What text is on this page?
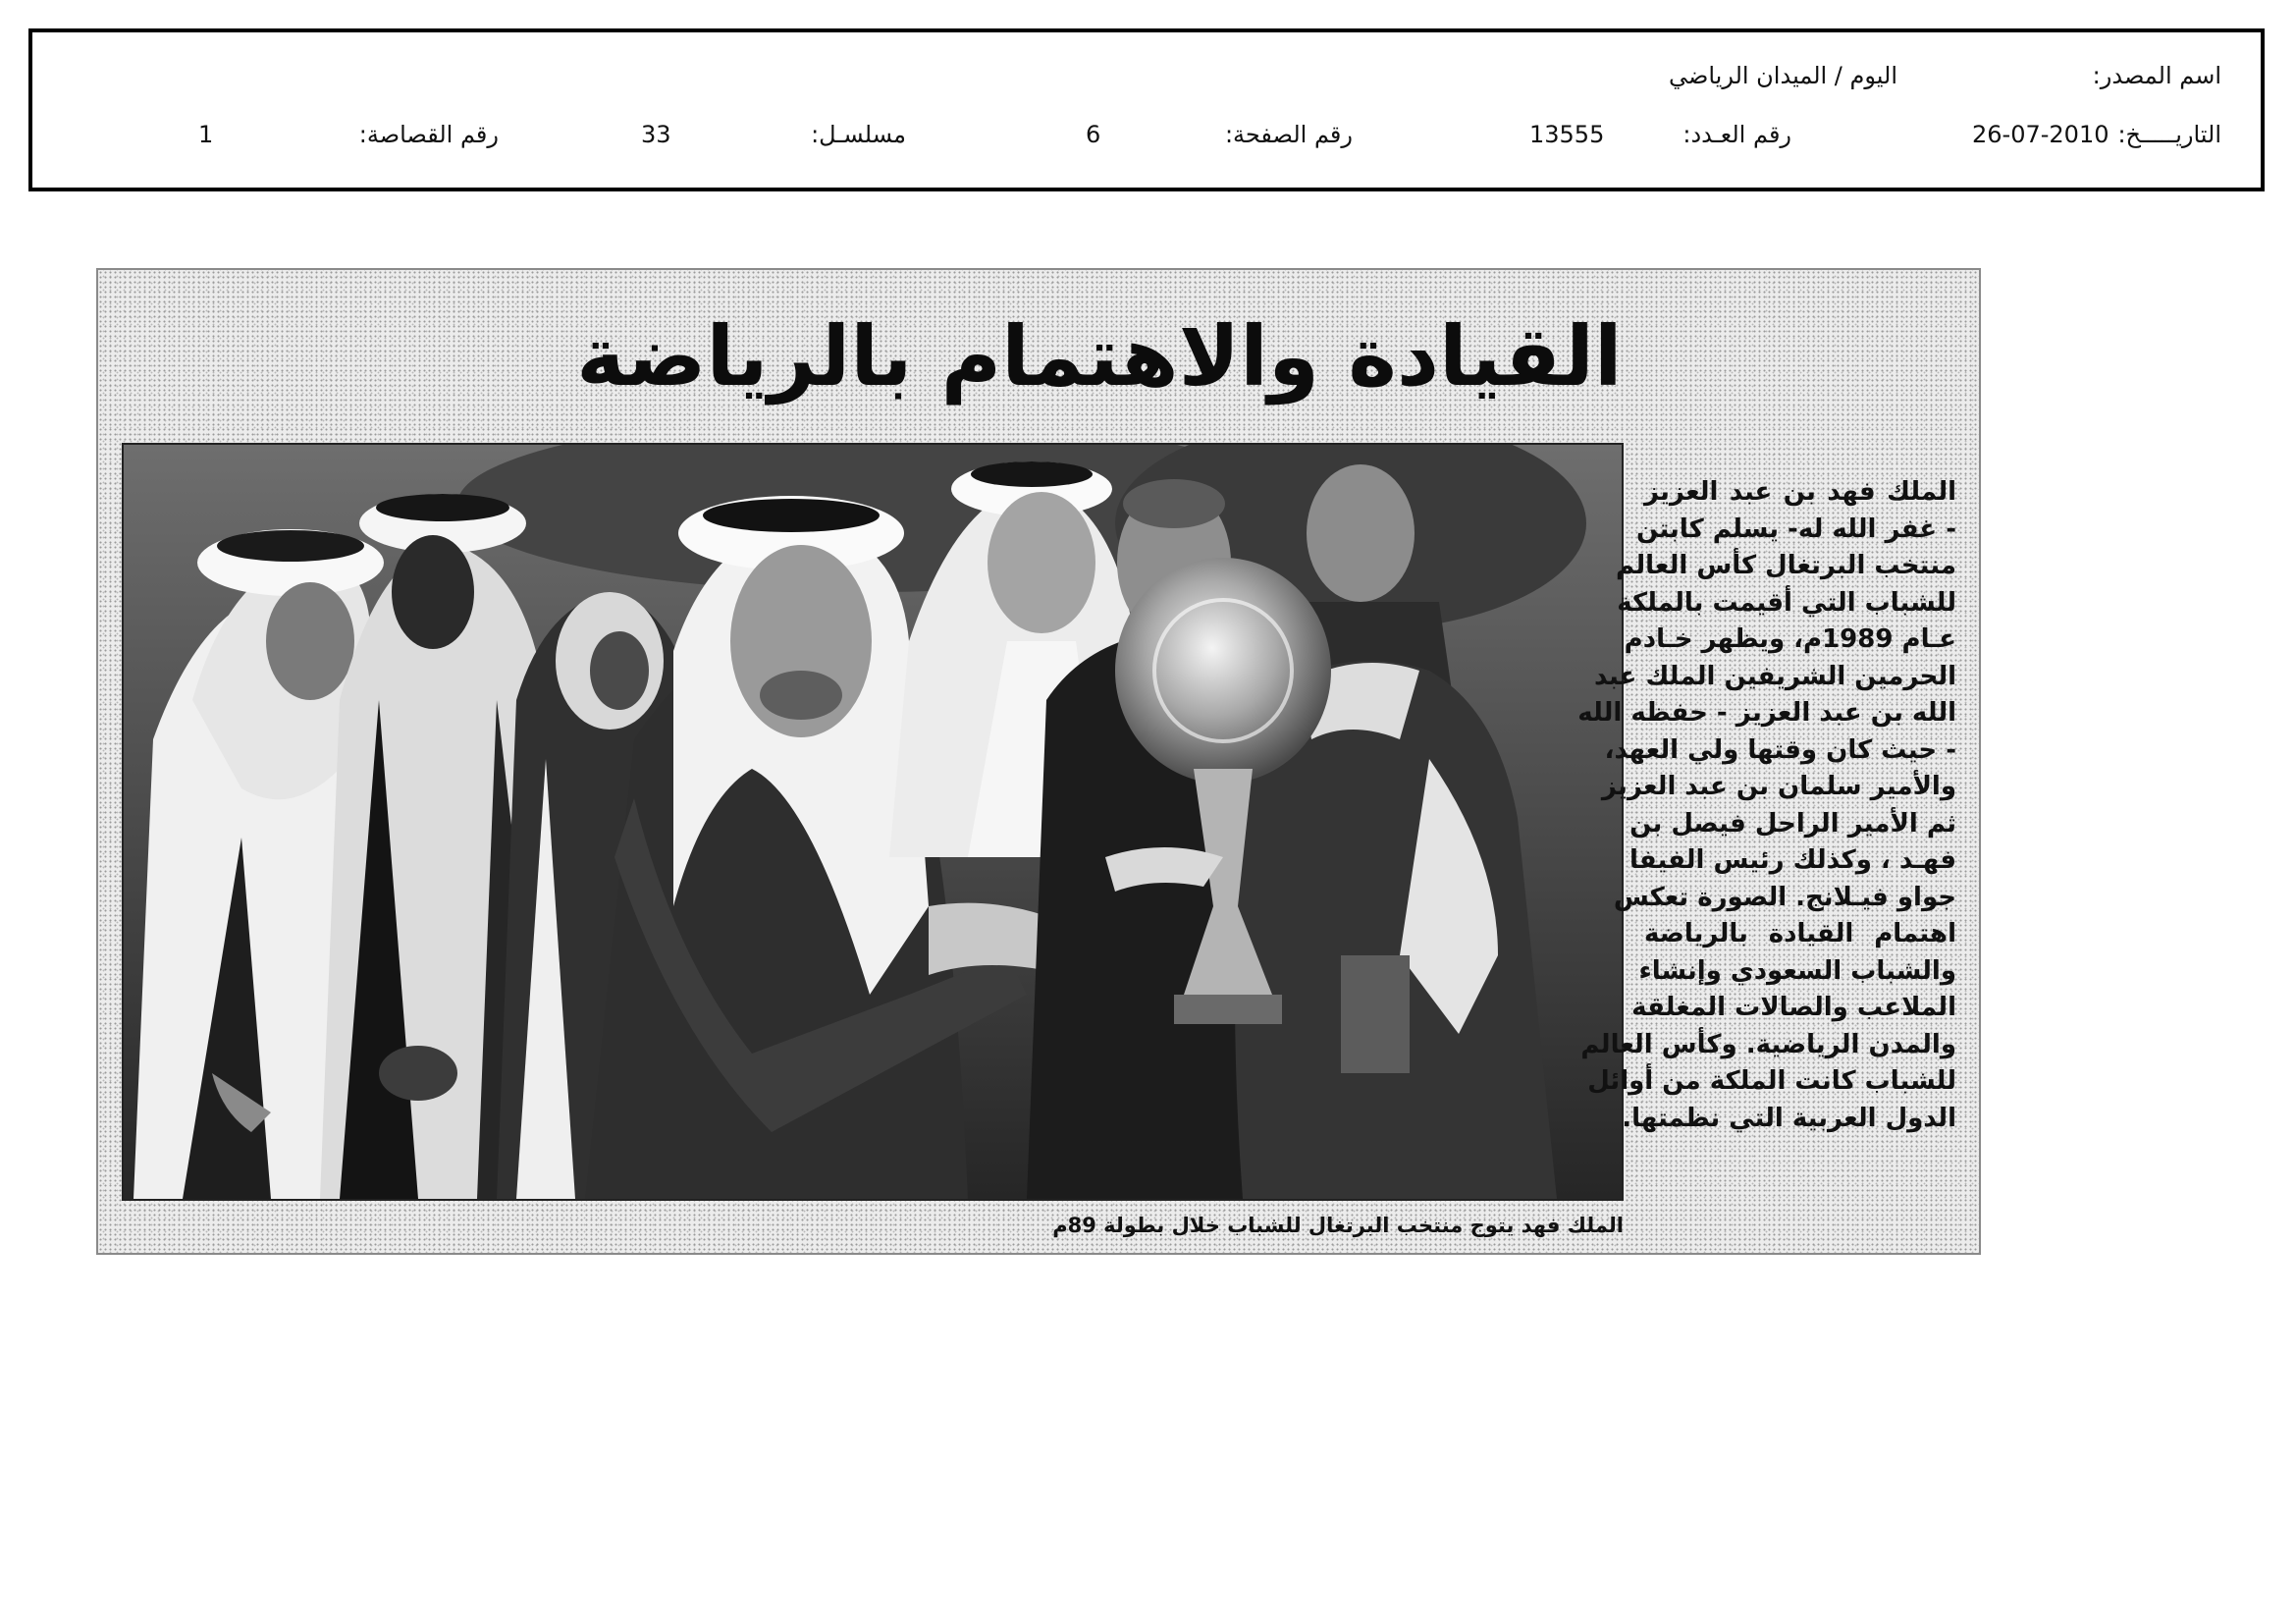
اسم المصدر:
اليوم / الميدان الرياضي
التاريـــــخ:
26-07-2010
رقم العـدد:
13555
رقم الصفحة:
6
مسلسـل:
33
رقم القصاصة:
1
القيادة والاهتمام بالرياضة
الملك فهد يتوج منتخب البرتغال للشباب خلال بطولة 89م
الملك فهد بن عبد العزيز
- غفر الله له- يسلم كابتن
منتخب البرتغال كأس العالم
للشباب التي أقيمت بالملكة
عـام 1989م، ويظهر خـادم
الحرمين الشريفين الملك عبد
الله بن عبد العزيز - حفظه الله
- حيث كان وقتها ولي العهد،
والأمير سلمان بن عبد العزيز
ثم الأمير الراحل فيصل بن
فهـد ، وكذلك رئيس الفيفا
جواو فيـلانج. الصورة تعكس
اهتمام القيادة بالرياضة
والشباب السعودي وإنشاء
الملاعب والصالات المغلقة
والمدن الرياضية. وكأس العالم
للشباب كانت الملكة من أوائل
الدول العربية التي نظمتها.
